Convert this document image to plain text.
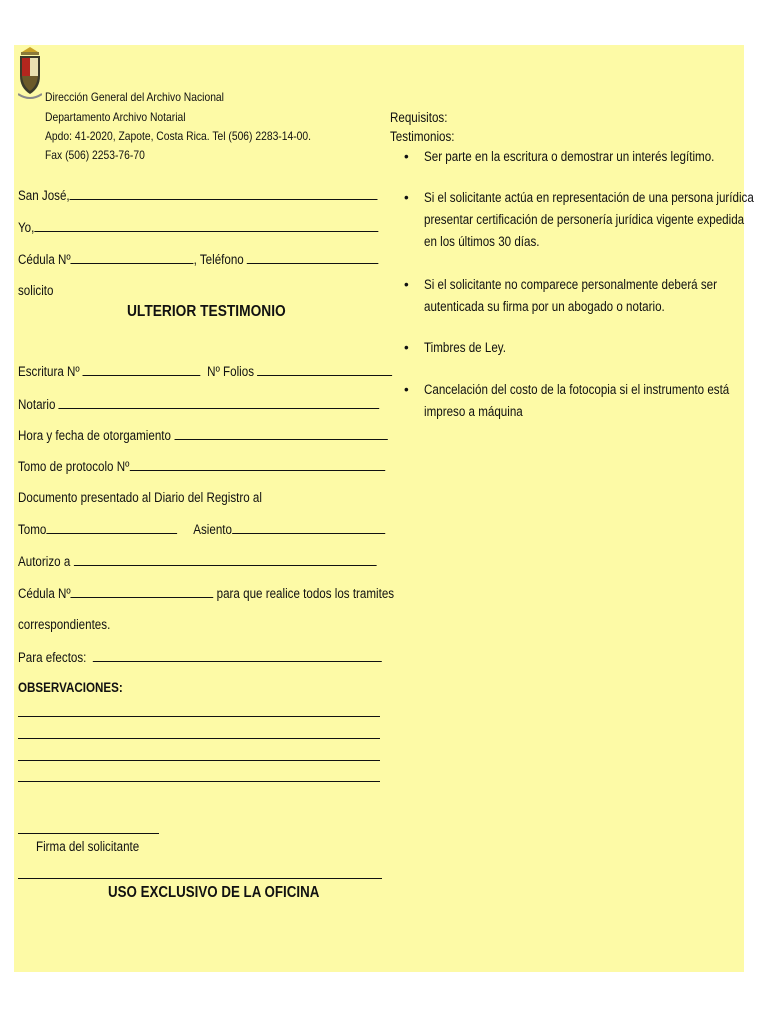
Dirección General del Archivo Nacional
Departamento Archivo Notarial
Apdo: 41-2020, Zapote, Costa Rica. Tel (506) 2283-14-00.
Fax (506) 2253-76-70
San José,
Yo,
Cédula Nº	, Teléfono
solicito
ULTERIOR TESTIMONIO
Escritura Nº	Nº Folios
Notario
Hora y fecha de otorgamiento
Tomo de protocolo Nº
Documento presentado al Diario del Registro al
Tomo	Asiento
Autorizo a
Cédula Nº	para que realice todos los tramites
correspondientes.
Para efectos:
OBSERVACIONES:
Firma del solicitante
USO EXCLUSIVO DE LA OFICINA
Requisitos:
Testimonios:
• Ser parte en la escritura o demostrar un interés legítimo.
• Si el solicitante actúa en representación de una persona jurídica presentar certificación de personería jurídica vigente expedida en los últimos 30 días.
• Si el solicitante no comparece personalmente deberá ser autenticada su firma por un abogado o notario.
• Timbres de Ley.
• Cancelación del costo de la fotocopia si el instrumento está impreso a máquina
